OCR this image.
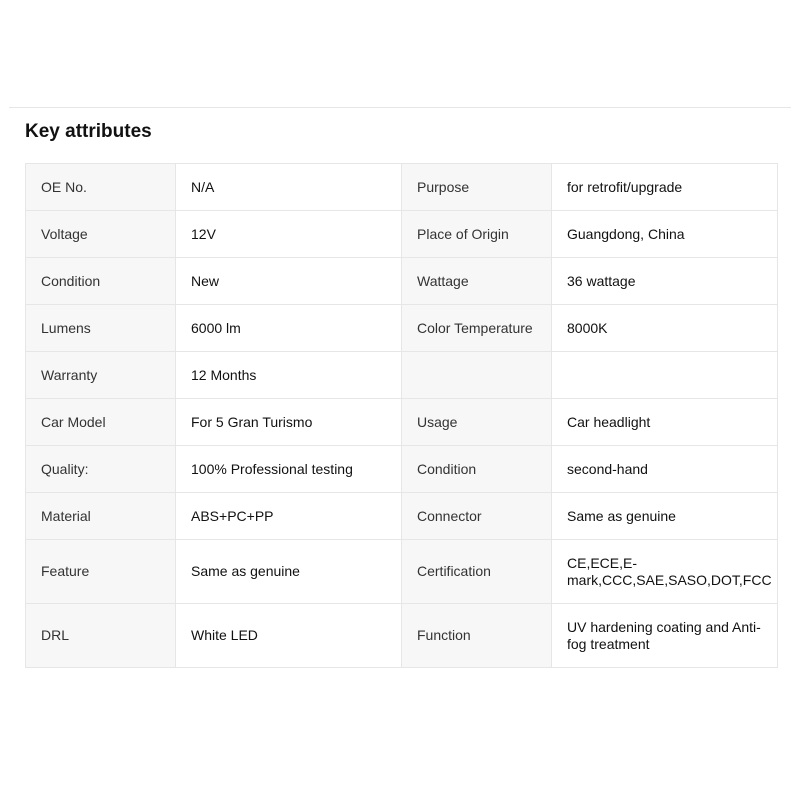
Key attributes
OE No.	N/A	Purpose	for retrofit/upgrade
Voltage	12V	Place of Origin	Guangdong, China
Condition	New	Wattage	36 wattage
Lumens	6000 lm	Color Temperature	8000K
Warranty	12 Months		
Car Model	For 5 Gran Turismo	Usage	Car headlight
Quality:	100% Professional testing	Condition	second-hand
Material	ABS+PC+PP	Connector	Same as genuine
Feature	Same as genuine	Certification	CE,ECE,E-mark,CCC,SAE,SASO,DOT,FCC
DRL	White LED	Function	UV hardening coating and Anti-fog treatment
